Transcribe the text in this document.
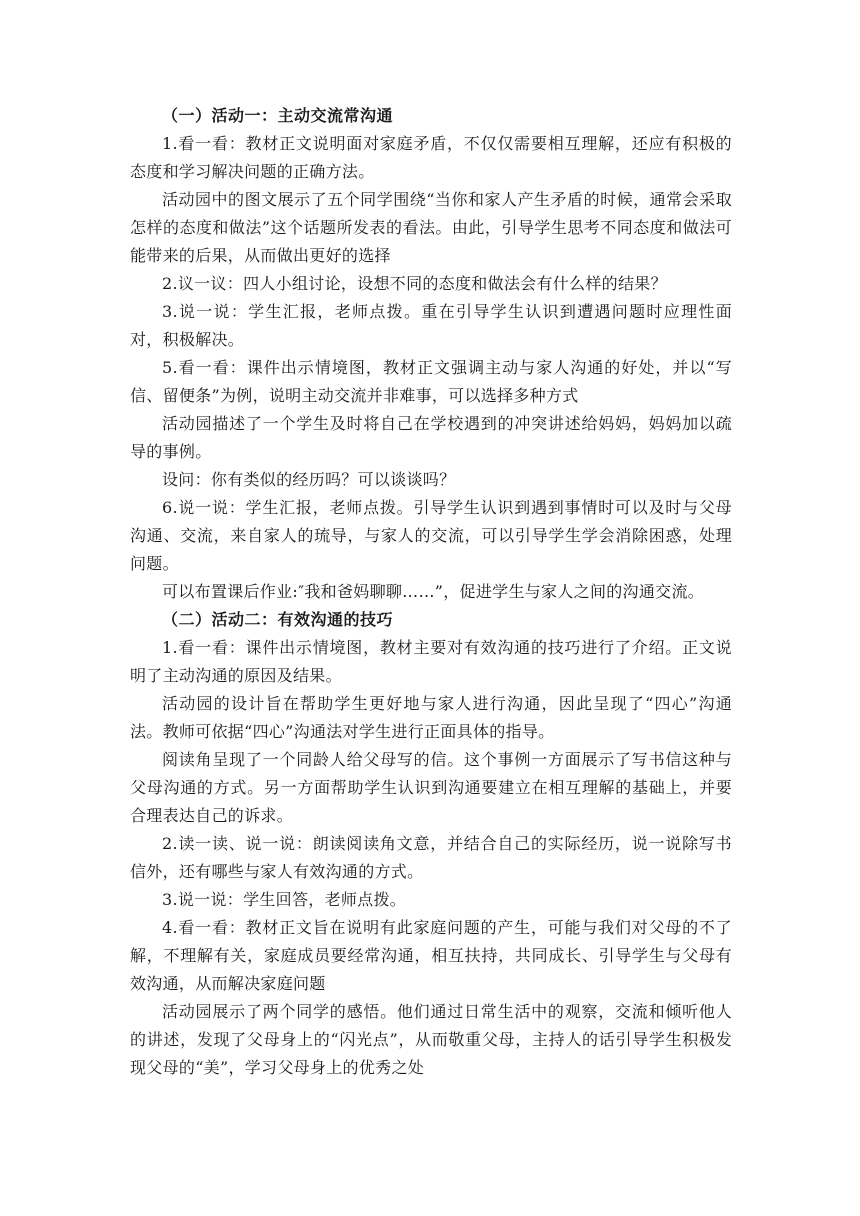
（一）活动一：主动交流常沟通

1.看一看：教材正文说明面对家庭矛盾，不仅仅需要相互理解，还应有积极的态度和学习解决问题的正确方法。

活动园中的图文展示了五个同学围绕“当你和家人产生矛盾的时候，通常会采取怎样的态度和做法”这个话题所发表的看法。由此，引导学生思考不同态度和做法可能带来的后果，从而做出更好的选择

2.议一议：四人小组讨论，设想不同的态度和做法会有什么样的结果？

3.说一说：学生汇报，老师点拨。重在引导学生认识到遭遇问题时应理性面对，积极解决。

5.看一看：课件出示情境图，教材正文强调主动与家人沟通的好处，并以“写信、留便条”为例，说明主动交流并非难事，可以选择多种方式

活动园描述了一个学生及时将自己在学校遇到的冲突讲述给妈妈，妈妈加以疏导的事例。

设问：你有类似的经历吗？可以谈谈吗？

6.说一说：学生汇报，老师点拨。引导学生认识到遇到事情时可以及时与父母沟通、交流，来自家人的琉导，与家人的交流，可以引导学生学会消除困惑，处理问题。

可以布置课后作业:″我和爸妈聊聊……”，促进学生与家人之间的沟通交流。

（二）活动二：有效沟通的技巧

1.看一看：课件出示情境图，教材主要对有效沟通的技巧进行了介绍。正文说明了主动沟通的原因及结果。

活动园的设计旨在帮助学生更好地与家人进行沟通，因此呈现了“四心”沟通法。教师可依据“四心”沟通法对学生进行正面具体的指导。

阅读角呈现了一个同龄人给父母写的信。这个事例一方面展示了写书信这种与父母沟通的方式。另一方面帮助学生认识到沟通要建立在相互理解的基础上，并要合理表达自己的诉求。

2.读一读、说一说：朗读阅读角文意，并结合自己的实际经历，说一说除写书信外，还有哪些与家人有效沟通的方式。

3.说一说：学生回答，老师点拨。

4.看一看：教材正文旨在说明有此家庭问题的产生，可能与我们对父母的不了解，不理解有关，家庭成员要经常沟通，相互扶持，共同成长、引导学生与父母有效沟通，从而解决家庭问题

活动园展示了两个同学的感悟。他们通过日常生活中的观察，交流和倾听他人的讲述，发现了父母身上的“闪光点”，从而敬重父母，主持人的话引导学生积极发现父母的“美”，学习父母身上的优秀之处
